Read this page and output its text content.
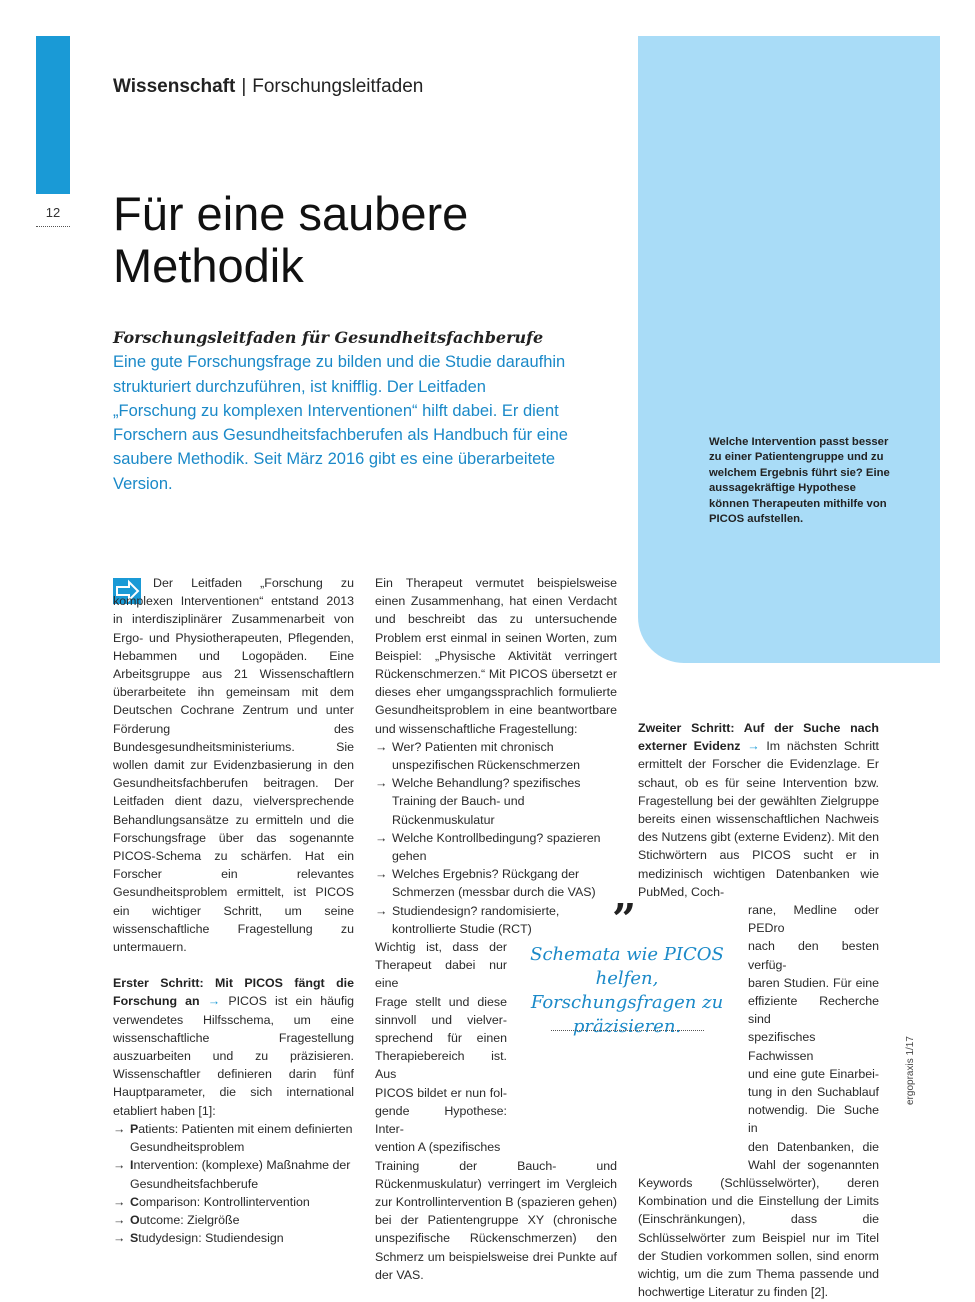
12
Wissenschaft | Forschungsleitfaden
Für eine saubere
Methodik
Forschungsleitfaden für Gesundheitsfachberufe   Eine gute Forschungsfrage zu bilden und die Studie daraufhin strukturiert durchzuführen, ist knifflig. Der Leitfaden „Forschung zu komplexen Interventionen“ hilft dabei. Er dient Forschern aus Gesundheitsfachberufen als Handbuch für eine saubere Methodik. Seit März 2016 gibt es eine überarbeitete Version.
Welche Intervention passt besser zu einer Patientengruppe und zu welchem Ergebnis führt sie? Eine aussagekräftige Hypothese können Therapeuten mithilfe von PICOS aufstellen.

Der Leitfaden „Forschung zu komplexen Interventionen“ entstand 2013 in interdisziplinärer Zusammenarbeit von Ergo- und Physiotherapeuten, Pflegenden, Hebammen und Logopäden. Eine Arbeitsgruppe aus 21 Wissenschaftlern überarbeitete ihn gemeinsam mit dem Deutschen Cochrane Zentrum und unter Förderung des Bundesgesundheitsministeriums. Sie wollen damit zur Evidenzbasierung in den Gesundheitsfachberufen beitragen. Der Leitfaden dient dazu, vielversprechende Behandlungsansätze zu ermitteln und die Forschungsfrage über das sogenannte PICOS-Schema zu schärfen. Hat ein Forscher ein relevantes Gesundheitsproblem ermittelt, ist PICOS ein wichtiger Schritt, um seine wissenschaftliche Fragestellung zu untermauern.

Erster Schritt: Mit PICOS fängt die Forschung an → PICOS ist ein häufig verwendetes Hilfsschema, um eine wissenschaftliche Fragestellung auszuarbeiten und zu präzisieren. Wissenschaftler definieren darin fünf Hauptparameter, die sich international etabliert haben [1]:

→ Patients: Patienten mit einem definierten Gesundheitsproblem
→ Intervention: (komplexe) Maßnahme der Gesundheitsfachberufe
→ Comparison: Kontrollintervention
→ Outcome: Zielgröße
→ Studydesign: Studiendesign

Ein Therapeut vermutet beispielsweise einen Zusammenhang, hat einen Verdacht und beschreibt das zu untersuchende Problem erst einmal in seinen Worten, zum Beispiel: „Physische Aktivität verringert Rückenschmerzen.“ Mit PICOS übersetzt er dieses eher umgangssprachlich formulierte Gesundheitsproblem in eine beantwortbare und wissenschaftliche Fragestellung:

→ Wer? Patienten mit chronisch unspezifischen Rückenschmerzen
→ Welche Behandlung? spezifisches Training der Bauch- und Rückenmuskulatur
→ Welche Kontrollbedingung? spazieren gehen
→ Welches Ergebnis? Rückgang der Schmerzen (messbar durch die VAS)
→ Studiendesign? randomisierte, kontrollierte Studie (RCT)

Wichtig ist, dass der

Therapeut dabei nur eine

Frage stellt und diese

sinnvoll und vielver-

sprechend für einen

Therapiebereich ist. Aus

PICOS bildet er nun fol-

gende Hypothese: Inter-

vention A (spezifisches

Training der Bauch- und Rückenmuskulatur) verringert im Vergleich zur Kontrollintervention B (spazieren gehen) bei der Patientengruppe XY (chronische unspezifische Rückenschmerzen) den Schmerz um beispielsweise drei Punkte auf der VAS.

”
Schemata wie PICOS helfen, Forschungsfragen zu präzisieren.

Zweiter Schritt: Auf der Suche nach externer Evidenz → Im nächsten Schritt ermittelt der Forscher die Evidenzlage. Er schaut, ob es für seine Intervention bzw. Fragestellung bei der gewählten Zielgruppe bereits einen wissenschaftlichen Nachweis des Nutzens gibt (externe Evidenz). Mit den Stichwörtern aus PICOS sucht er in medizinisch wichtigen Datenbanken wie PubMed, Coch-

rane, Medline oder PEDro

nach den besten verfüg-

baren Studien. Für eine

effiziente Recherche sind

spezifisches Fachwissen

und eine gute Einarbei-

tung in den Suchablauf

notwendig. Die Suche in

den Datenbanken, die

Wahl der sogenannten

Keywords (Schlüsselwörter), deren Kombination und die Einstellung der Limits (Einschränkungen), dass die Schlüsselwörter zum Beispiel nur im Titel der Studien vorkommen sollen, sind enorm wichtig, um die zum Thema passende und hochwertige Literatur zu finden [2].

ergopraxis 1/17
